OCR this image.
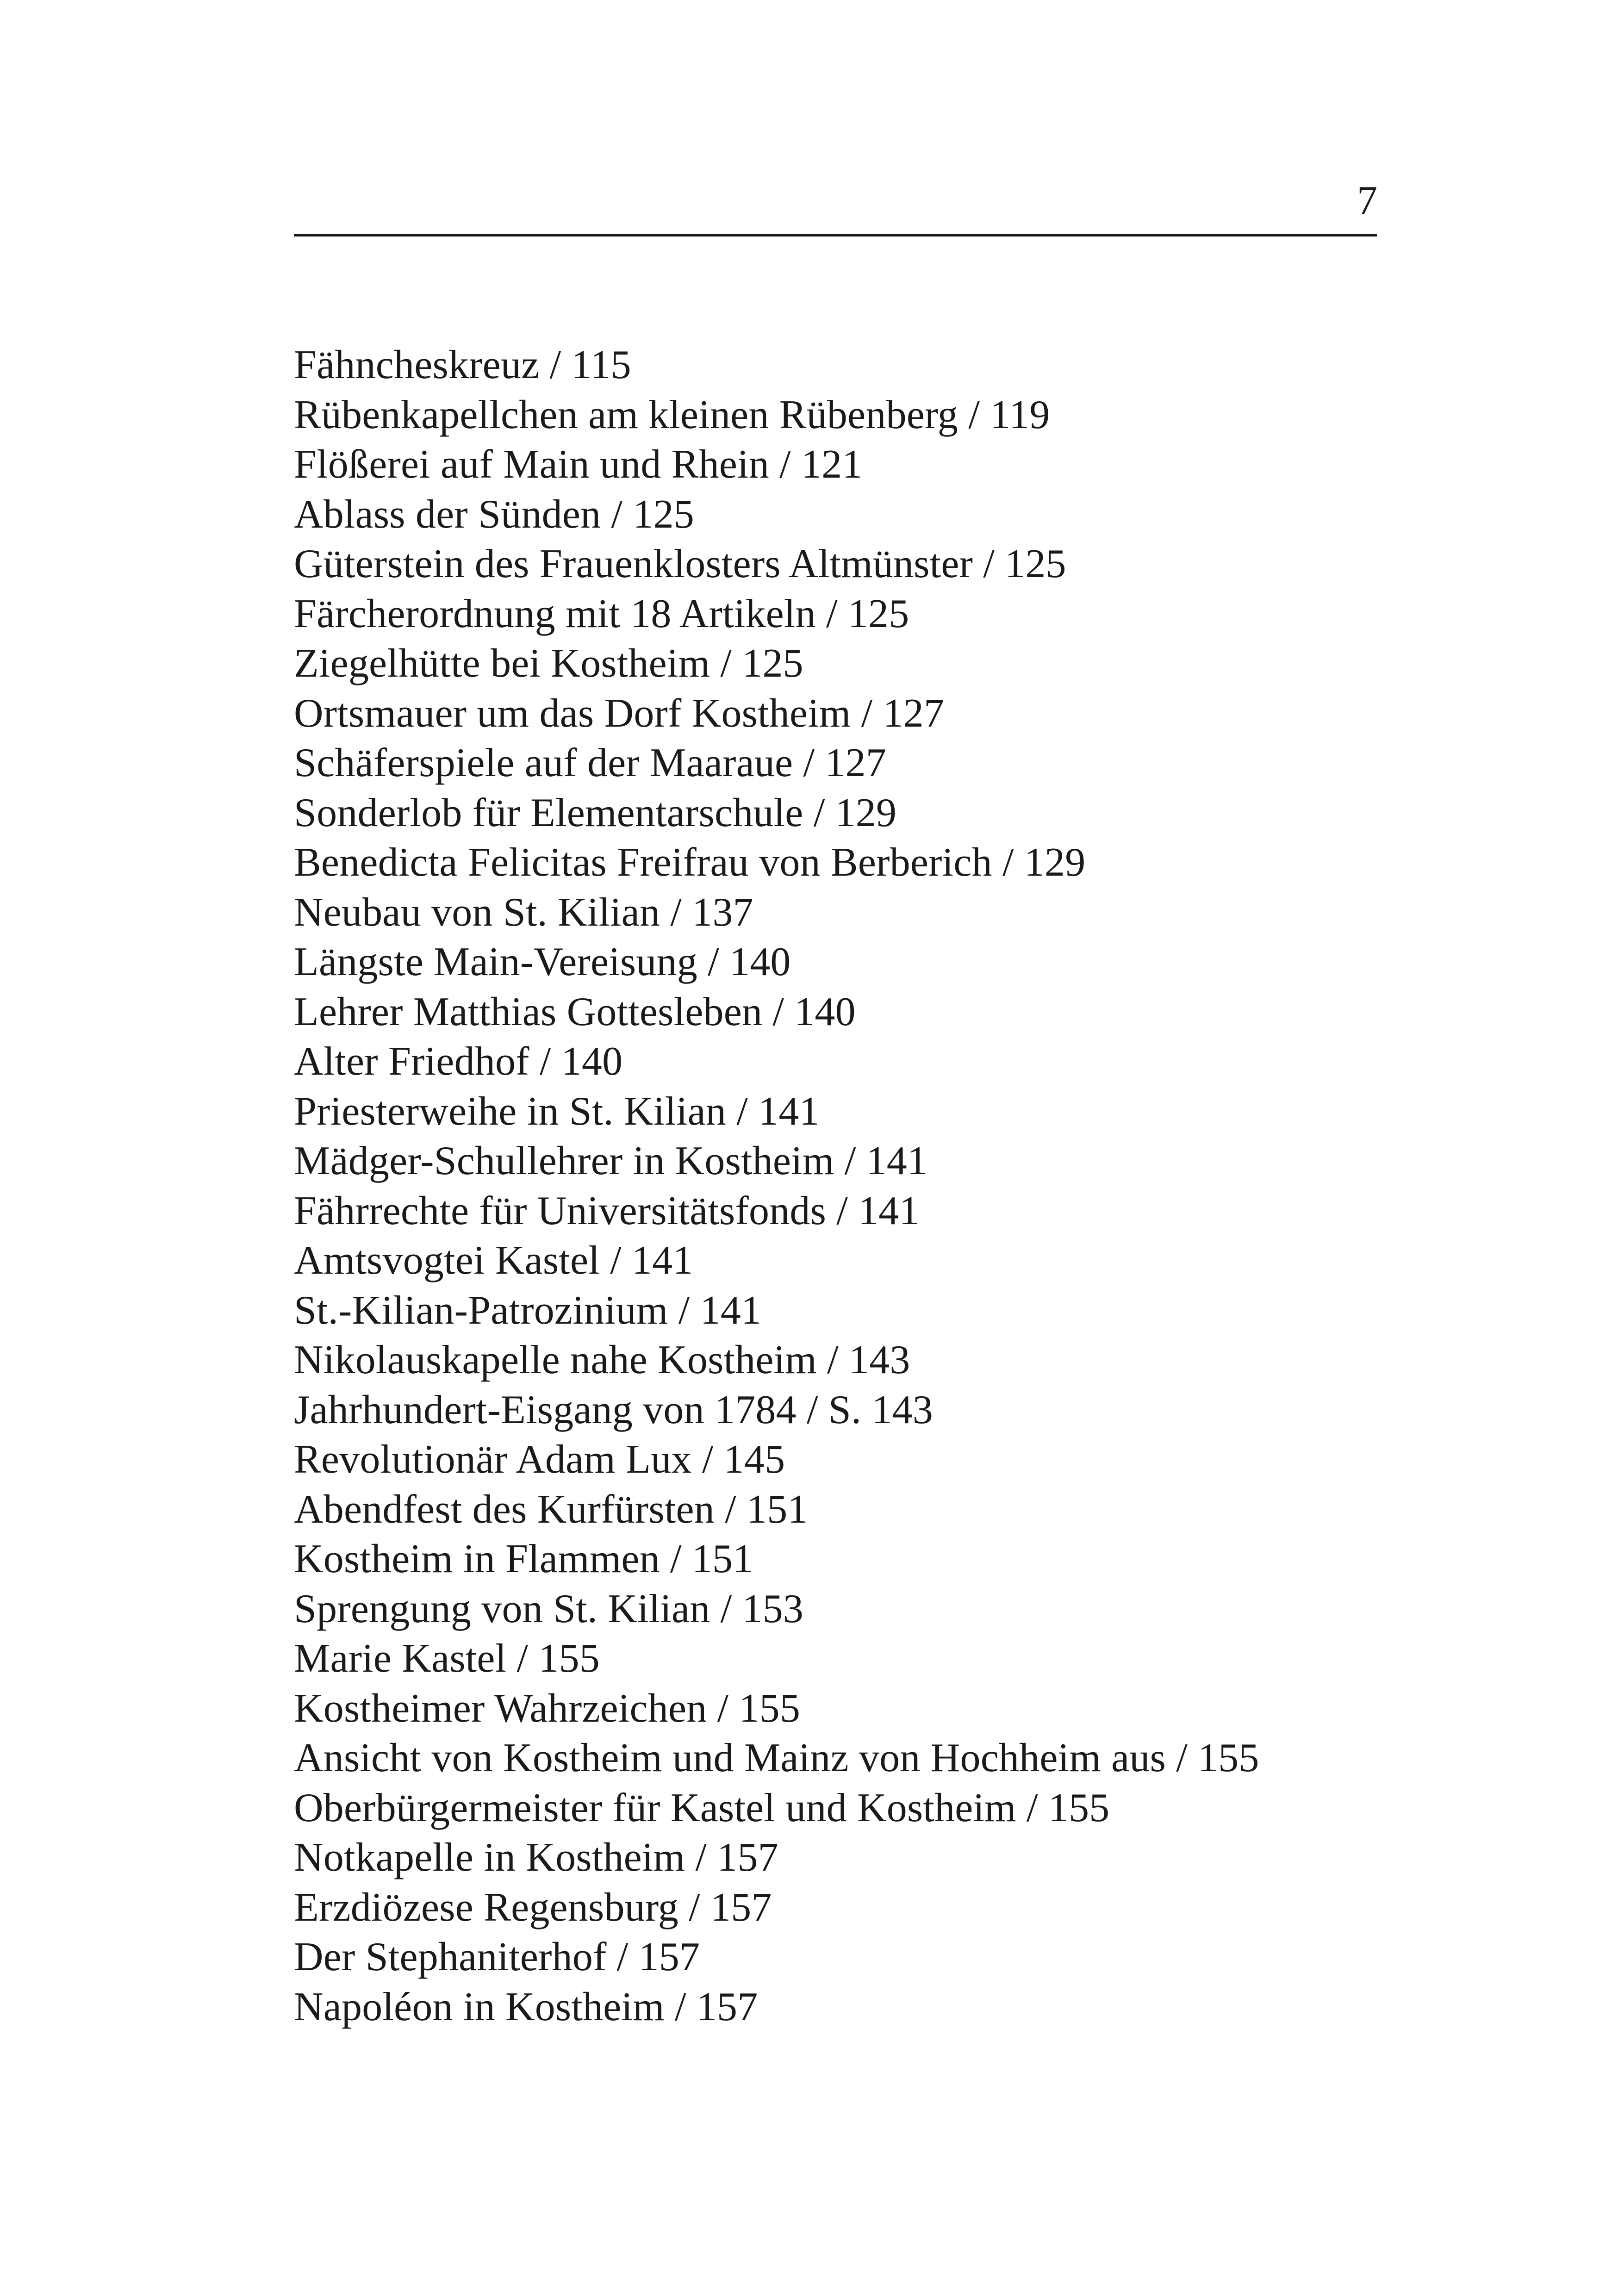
7
Fähncheskreuz / 115
Rübenkapellchen am kleinen Rübenberg / 119
Flößerei auf Main und Rhein / 121
Ablass der Sünden / 125
Güterstein des Frauenklosters Altmünster / 125
Färcherordnung mit 18 Artikeln / 125
Ziegelhütte bei Kostheim / 125
Ortsmauer um das Dorf Kostheim / 127
Schäferspiele auf der Maaraue / 127
Sonderlob für Elementarschule / 129
Benedicta Felicitas Freifrau von Berberich / 129
Neubau von St. Kilian / 137
Längste Main-Vereisung / 140
Lehrer Matthias Gottesleben / 140
Alter Friedhof / 140
Priesterweihe in St. Kilian / 141
Mädger-Schullehrer in Kostheim / 141
Fährrechte für Universitätsfonds / 141
Amtsvogtei Kastel / 141
St.-Kilian-Patrozinium / 141
Nikolauskapelle nahe Kostheim / 143
Jahrhundert-Eisgang von 1784 / S. 143
Revolutionär Adam Lux / 145
Abendfest des Kurfürsten / 151
Kostheim in Flammen / 151
Sprengung von St. Kilian / 153
Marie Kastel / 155
Kostheimer Wahrzeichen / 155
Ansicht von Kostheim und Mainz von Hochheim aus / 155
Oberbürgermeister für Kastel und Kostheim / 155
Notkapelle in Kostheim / 157
Erzdiözese Regensburg / 157
Der Stephaniterhof / 157
Napoléon in Kostheim / 157
